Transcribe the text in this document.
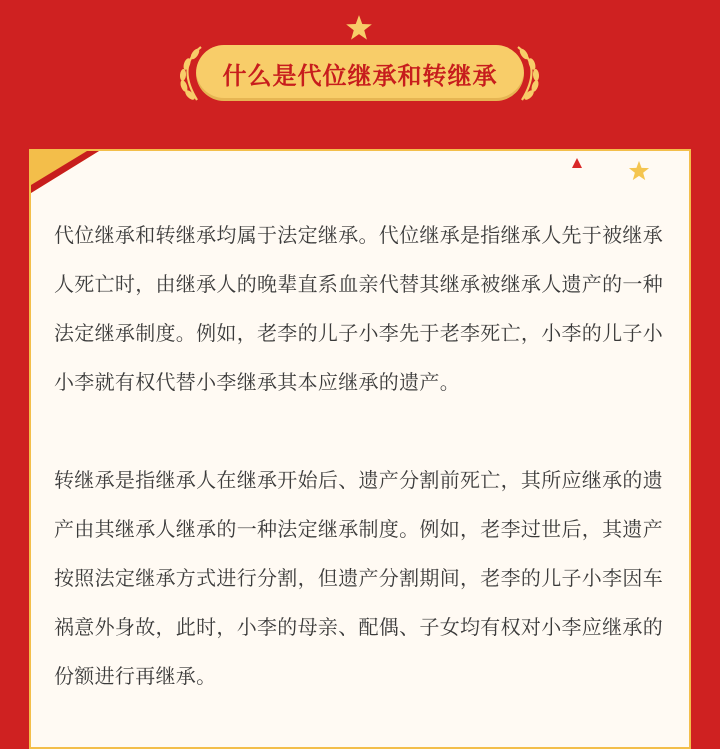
什么是代位继承和转继承

代位继承和转继承均属于法定继承。代位继承是指继承人先于被继承人死亡时，由继承人的晚辈直系血亲代替其继承被继承人遗产的一种法定继承制度。例如，老李的儿子小李先于老李死亡，小李的儿子小小李就有权代替小李继承其本应继承的遗产。

转继承是指继承人在继承开始后、遗产分割前死亡，其所应继承的遗产由其继承人继承的一种法定继承制度。例如，老李过世后，其遗产按照法定继承方式进行分割，但遗产分割期间，老李的儿子小李因车祸意外身故，此时，小李的母亲、配偶、子女均有权对小李应继承的份额进行再继承。
